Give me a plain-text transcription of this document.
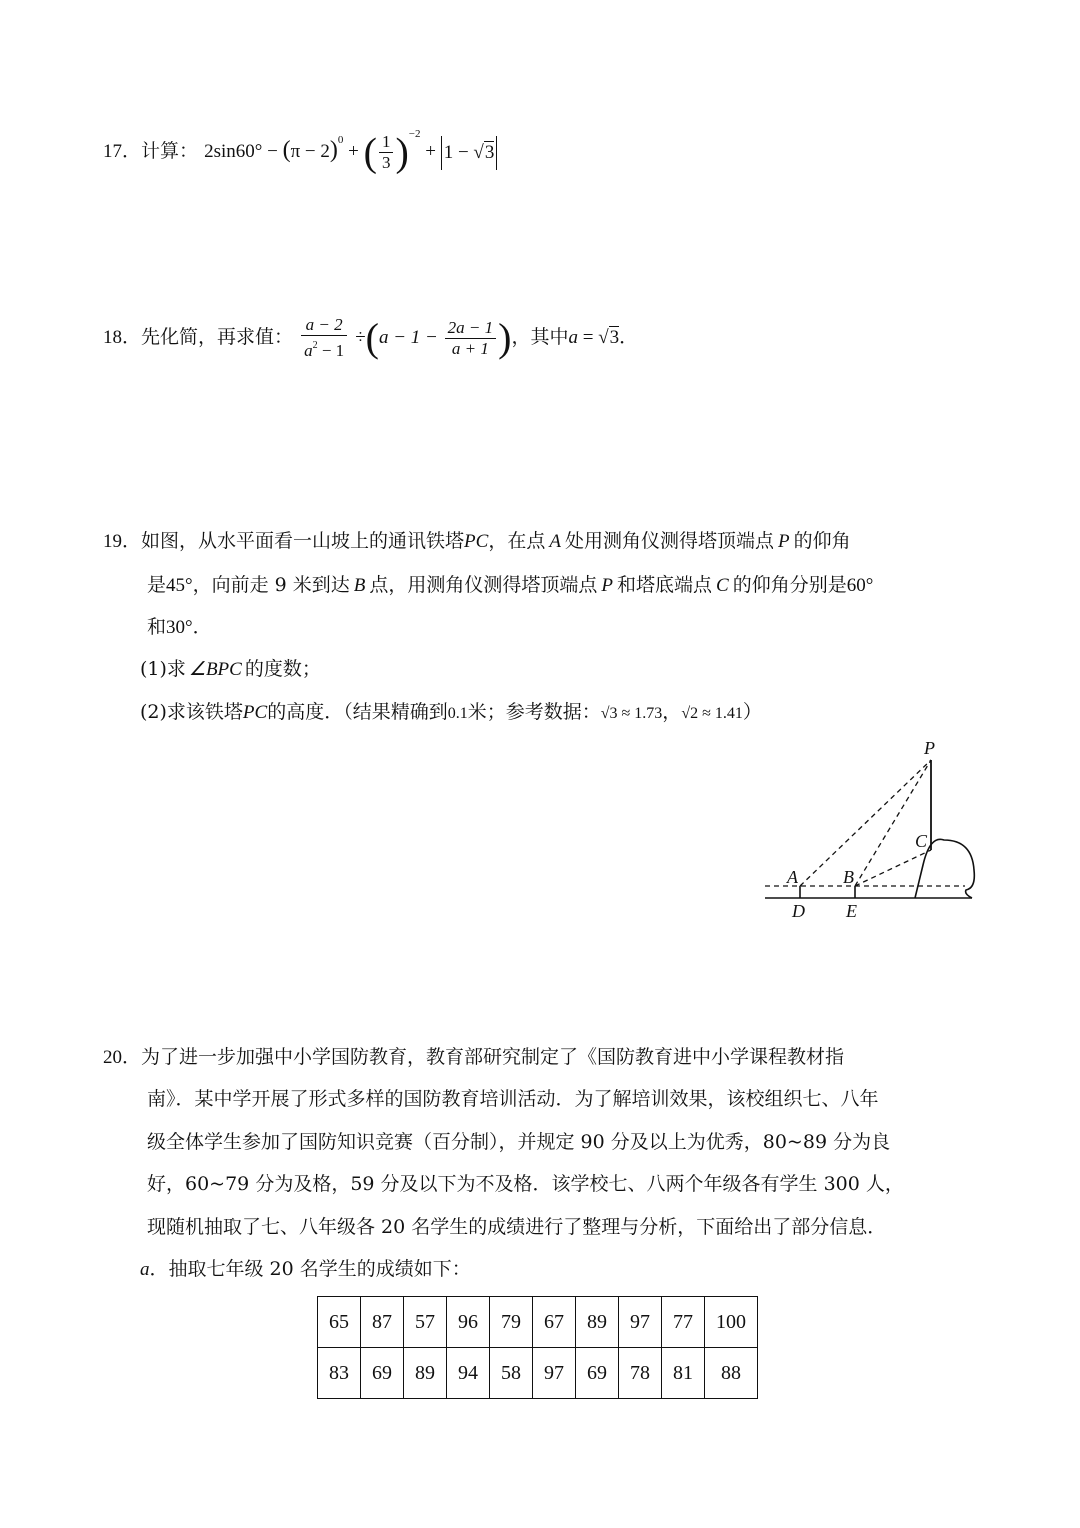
17．计算： $2\sin 60^\circ - (\pi - 2)^0$ + ( $\frac{1}{3} )^{-2} + 1 - √3$
18．先化简，再求值： $\frac{a - 2}{a^2 - 1} \div(a - 1 - \frac{2a - 1}{a + 1}$ )，其中a = √3．
19．如图，从水平面看一山坡上的通讯铁塔PC，在点 A 处用测角仪测得塔顶端点 P 的仰角
是45°，向前走 9 米到达 B 点，用测角仪测得塔顶端点 P 和塔底端点 C 的仰角分别是60°
和30°．
(1)求 ∠BPC 的度数；
(2)求该铁塔PC的高度．（结果精确到0.1米；参考数据：√3 ≈ 1.73，√2 ≈ 1.41）
P
C
A	B
D E
20．为了进一步加强中小学国防教育，教育部研究制定了《国防教育进中小学课程教材指
南》．某中学开展了形式多样的国防教育培训活动．为了解培训效果，该校组织七、八年
级全体学生参加了国防知识竞赛（百分制），并规定 90 分及以上为优秀，80~89 分为良
好，60~79 分为及格，59 分及以下为不及格．该学校七、八两个年级各有学生 300 人，
现随机抽取了七、八年级各 20 名学生的成绩进行了整理与分析，下面给出了部分信息．
a．抽取七年级 20 名学生的成绩如下：
65	87	57	96	79	67	89	97	77	100
83	69	89	94	58	97	69	78	81	88
